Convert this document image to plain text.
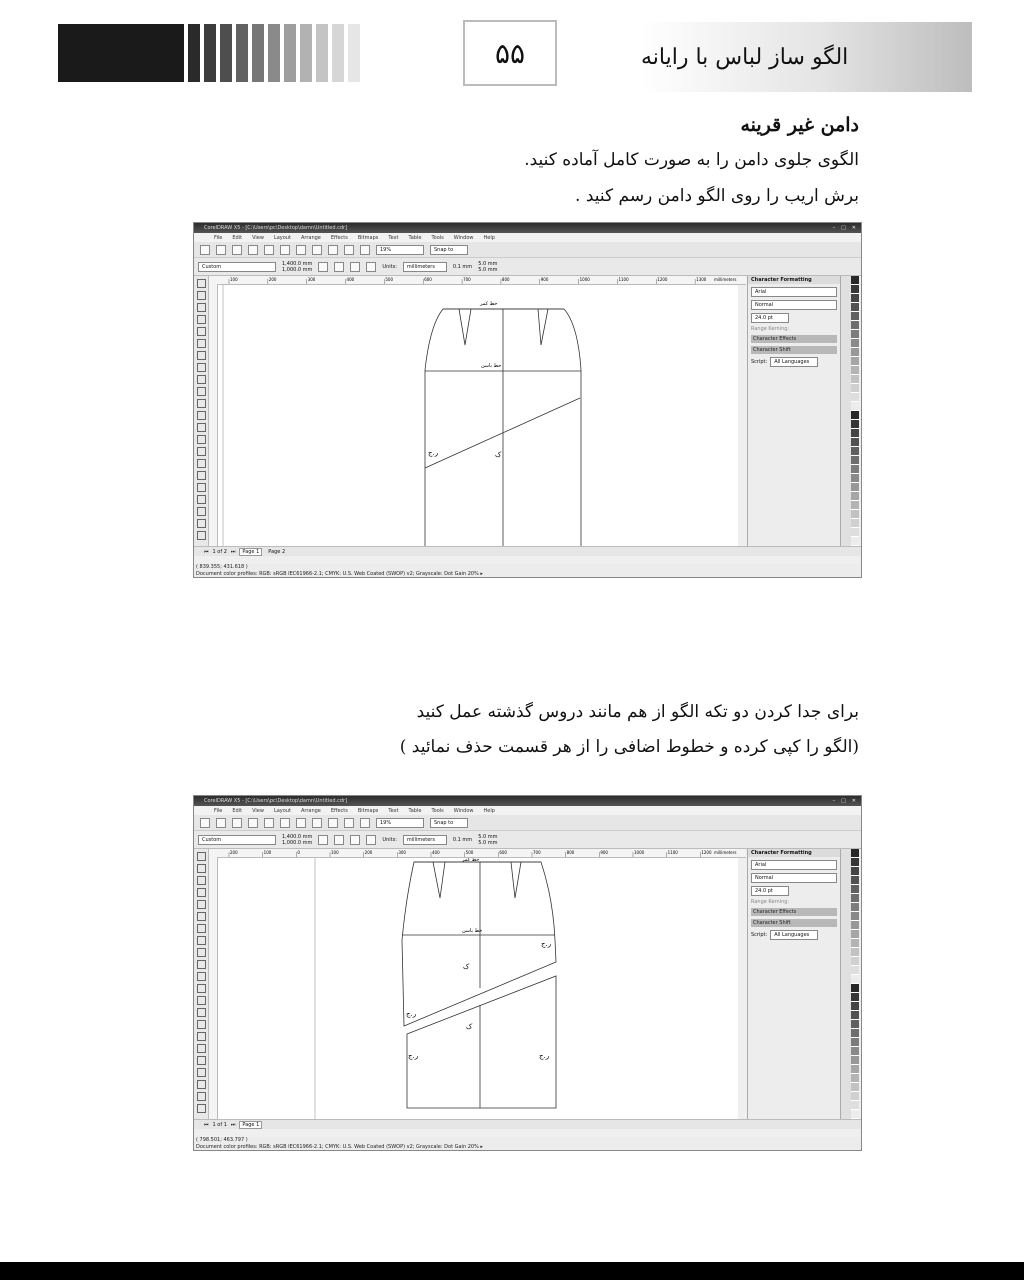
۵۵	الگو ساز لباس با رایانه
دامن غیر قرینه
الگوی جلوی دامن را به صورت کامل آماده کنید.
برش اریب را روی الگو دامن رسم کنید .
برای جدا کردن دو تکه الگو از هم مانند دروس گذشته عمل کنید
(الگو را کپی کرده و خطوط اضافی را از هر قسمت حذف نمائید )
CorelDRAW X5 - [C:\Users\pc\Desktop\damn\Untitled.cdr]	– □ ✕
File Edit View Layout Arrange Effects Bitmaps Text Table Tools Window Help
19%	Snap to
Custom	1,400.0 mm
1,000.0 mm	Units:	millimeters	0.1 mm 5.0 mm
5.0 mm
100	200	300	400	500	600	700	800	900	1000	1100	1200	1300 millimeters
خط کمر
خط باسن
ر.ج	ک
Character Formatting
Arial
Normal
24.0 pt
Range Kerning:
Character Effects
Character Shift
Script:	All Languages
⏮ 1 of 2 ⏭	Page 1	Page 2
( 839.355; 431.618 )
Document color profiles: RGB: sRGB IEC61966-2.1; CMYK: U.S. Web Coated (SWOP) v2; Grayscale: Dot Gain 20% ▸
CorelDRAW X5 - [C:\Users\pc\Desktop\damn\Untitled.cdr]	– □ ✕
File Edit View Layout Arrange Effects Bitmaps Text Table Tools Window Help
19%	Snap to
Custom	1,400.0 mm
1,000.0 mm	Units:	millimeters	0.1 mm 5.0 mm
5.0 mm
200	100	0	100	200	300	400	500	600	700	800	900	1000	1100	1200 millimeters
خط کمر
خط باسن
ر.ج
ر.ج
ک
ک
ر.ج	ر.ج
Character Formatting
Arial
Normal
24.0 pt
Range Kerning:
Character Effects
Character Shift
Script:	All Languages
⏮ 1 of 1 ⏭	Page 1
( 798.501; 463.797 )
Document color profiles: RGB: sRGB IEC61966-2.1; CMYK: U.S. Web Coated (SWOP) v2; Grayscale: Dot Gain 20% ▸
